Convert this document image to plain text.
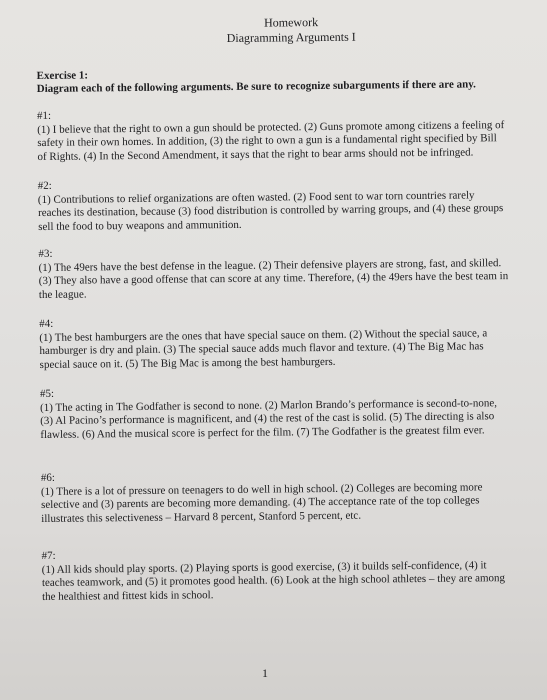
Homework
Diagramming Arguments I
Exercise 1:
Diagram each of the following arguments. Be sure to recognize subarguments if there are any.
#1:
(1) I believe that the right to own a gun should be protected. (2) Guns promote among citizens a feeling of safety in their own homes. In addition, (3) the right to own a gun is a fundamental right specified by Bill of Rights. (4) In the Second Amendment, it says that the right to bear arms should not be infringed.
#2:
(1) Contributions to relief organizations are often wasted. (2) Food sent to war torn countries rarely reaches its destination, because (3) food distribution is controlled by warring groups, and (4) these groups sell the food to buy weapons and ammunition.
#3:
(1) The 49ers have the best defense in the league. (2) Their defensive players are strong, fast, and skilled. (3) They also have a good offense that can score at any time. Therefore, (4) the 49ers have the best team in the league.
#4:
(1) The best hamburgers are the ones that have special sauce on them. (2) Without the special sauce, a hamburger is dry and plain. (3) The special sauce adds much flavor and texture. (4) The Big Mac has special sauce on it. (5) The Big Mac is among the best hamburgers.
#5:
(1) The acting in The Godfather is second to none. (2) Marlon Brando’s performance is second-to-none, (3) Al Pacino’s performance is magnificent, and (4) the rest of the cast is solid. (5) The directing is also flawless. (6) And the musical score is perfect for the film. (7) The Godfather is the greatest film ever.
#6:
(1) There is a lot of pressure on teenagers to do well in high school. (2) Colleges are becoming more selective and (3) parents are becoming more demanding. (4) The acceptance rate of the top colleges illustrates this selectiveness – Harvard 8 percent, Stanford 5 percent, etc.
#7:
(1) All kids should play sports. (2) Playing sports is good exercise, (3) it builds self-confidence, (4) it teaches teamwork, and (5) it promotes good health. (6) Look at the high school athletes – they are among the healthiest and fittest kids in school.
1
